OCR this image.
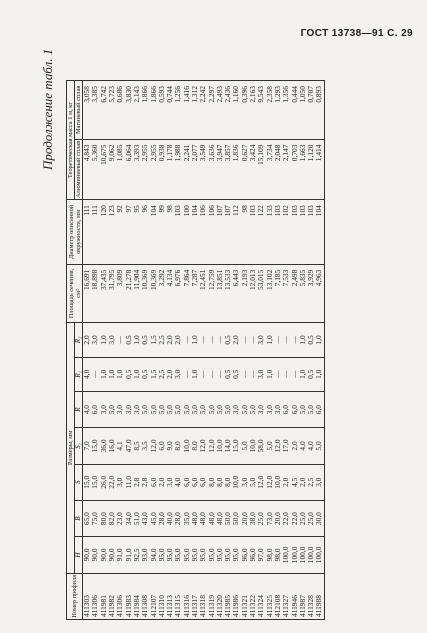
ГОСТ 13738—91 С. 29
Продолжение табл. 1
Номер профиля	Размеры, мм							Площадь сечения, см²	Диаметр описанной окружности, мм	Теоретическая масса 1 м, кг	
	H	B	S	S₁	R	R₁	R₂			Алюминиевый сплав	Магниевый сплав

411303	90,0	65,0	15,0	7,0	4,0	4,0	2,0	16,691	111	4,843	3,058
411306	90,0	75,0	15,0	15,0	6,0	—	3,0	18,898	111	5,360	3,385
411981	90,0	80,0	26,0	36,0	3,0	1,0	1,0	37,435	120	10,675	6,742
411982	90,0	82,0	22,0	16,0	5,0	1,0	3,0	31,795	123	9,062	5,723
411306	91,0	23,0	3,0	4,1	3,0	1,0	—	3,809	92	1,085	0,686
411983	91,0	34,0	11,0	47,0	3,0	0,5	0,5	21,278	97	6,064	3,830
411984	92,5	51,0	2,8	8,5	3,0	1,0	1,0	11,904	95	3,393	2,143
411308	93,0	43,0	2,8	3,5	5,0	0,5	0,5	10,369	96	2,955	1,866
412107	94,0	45,0	6,0	12,0	5,0	1,5	1,5	10,369	104	2,955	1,866
411310	95,0	28,0	2,0	6,0	5,0	2,5	2,5	3,292	99	0,938	0,593
411313	95,0	40,0	3,0	9,0	5,0	2,0	2,0	4,134	98	1,178	0,744
411315	95,0	28,0	4,0	8,0	5,0	3,0	2,0	6,976	103	1,988	1,256
411316	95,0	35,0	6,0	10,0	5,0	—	—	7,864	100	2,241	1,416
411317	95,0	48,0	6,0	8,0	5,0	1,0	1,0	7,287	104	2,077	1,312
411318	95,0	48,0	6,0	12,0	5,0	—	—	12,451	106	3,549	2,242
411319	95,0	48,0	8,0	12,0	5,0	—	—	12,759	106	3,636	2,297
411320	95,0	48,0	8,0	10,0	5,0	—	—	13,851	107	3,947	2,493
411985	95,0	50,0	8,0	14,0	5,0	0,5	0,5	13,533	107	3,857	2,436
411986	95,0	50,0	10,0	15,0	3,0	0,5	2,0	6,443	112	1,836	1,160
411321	96,0	20,0	3,0	5,0	5,0	—	—	2,193	98	0,627	0,396
411322	96,0	38,0	5,0	10,0	5,0	—	—	12,013	103	3,424	2,163
411324	97,0	25,0	12,0	58,0	3,0	3,0	3,0	53,015	122	15,109	9,543
411325	98,0	73,0	12,0	5,0	3,0	1,0	1,0	13,102	133	3,734	2,358
412108	98,0	20,0	10,0	12,0	3,0	—	—	7,185	103	2,048	1,293
411327	100,0	22,0	2,0	17,0	6,0	—	—	7,533	102	2,147	1,356
411946	100,0	22,0	4,5	2,0	6,0	—	—	2,498	103	0,703	0,444
411987	100,0	25,0	2,0	4,0	5,0	1,0	1,0	5,835	103	1,663	1,050
411328	100,0	25,0	2,5	4,0	5,0	0,5	0,5	3,929	103	1,120	0,707
411988	100,0	30,0	3,0	5,0	6,0	1,0	1,0	4,963	104	1,414	0,893
